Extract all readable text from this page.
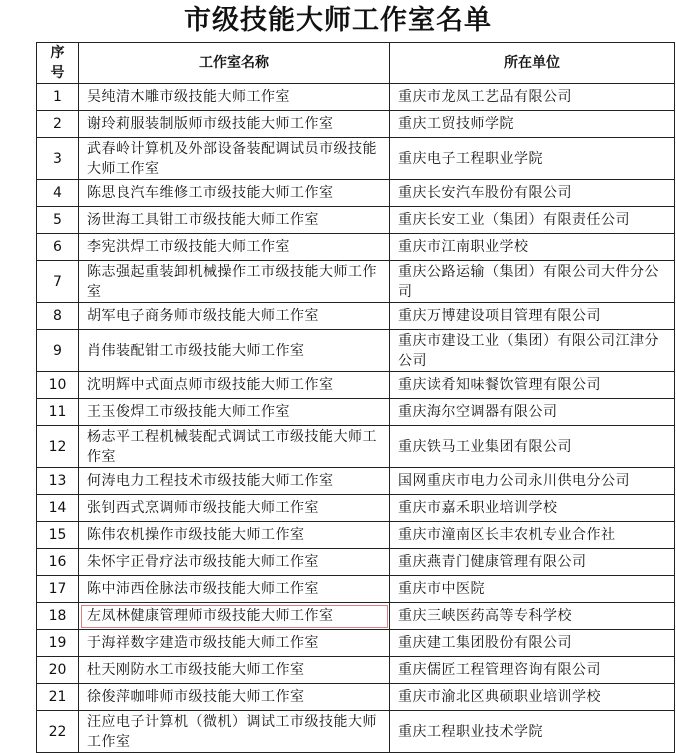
市级技能大师工作室名单
序号	工作室名称	所在单位
1	吴纯清木雕市级技能大师工作室	重庆市龙凤工艺品有限公司
2	谢玲莉服装制版师市级技能大师工作室	重庆工贸技师学院
3	武春岭计算机及外部设备装配调试员市级技能大师工作室	重庆电子工程职业学院
4	陈思良汽车维修工市级技能大师工作室	重庆长安汽车股份有限公司
5	汤世海工具钳工市级技能大师工作室	重庆长安工业（集团）有限责任公司
6	李宪洪焊工市级技能大师工作室	重庆市江南职业学校
7	陈志强起重装卸机械操作工市级技能大师工作室	重庆公路运输（集团）有限公司大件分公司
8	胡军电子商务师市级技能大师工作室	重庆万博建设项目管理有限公司
9	肖伟装配钳工市级技能大师工作室	重庆市建设工业（集团）有限公司江津分公司
10	沈明辉中式面点师市级技能大师工作室	重庆读肴知味餐饮管理有限公司
11	王玉俊焊工市级技能大师工作室	重庆海尔空调器有限公司
12	杨志平工程机械装配式调试工市级技能大师工作室	重庆铁马工业集团有限公司
13	何涛电力工程技术市级技能大师工作室	国网重庆市电力公司永川供电分公司
14	张钊西式烹调师市级技能大师工作室	重庆市嘉禾职业培训学校
15	陈伟农机操作市级技能大师工作室	重庆市潼南区长丰农机专业合作社
16	朱怀宇正骨疗法市级技能大师工作室	重庆燕青门健康管理有限公司
17	陈中沛西佺脉法市级技能大师工作室	重庆市中医院
18	左凤林健康管理师市级技能大师工作室	重庆三峡医药高等专科学校
19	于海祥数字建造市级技能大师工作室	重庆建工集团股份有限公司
20	杜天刚防水工市级技能大师工作室	重庆儒匠工程管理咨询有限公司
21	徐俊萍咖啡师市级技能大师工作室	重庆市渝北区典硕职业培训学校
22	汪应电子计算机（微机）调试工市级技能大师工作室	重庆工程职业技术学院
